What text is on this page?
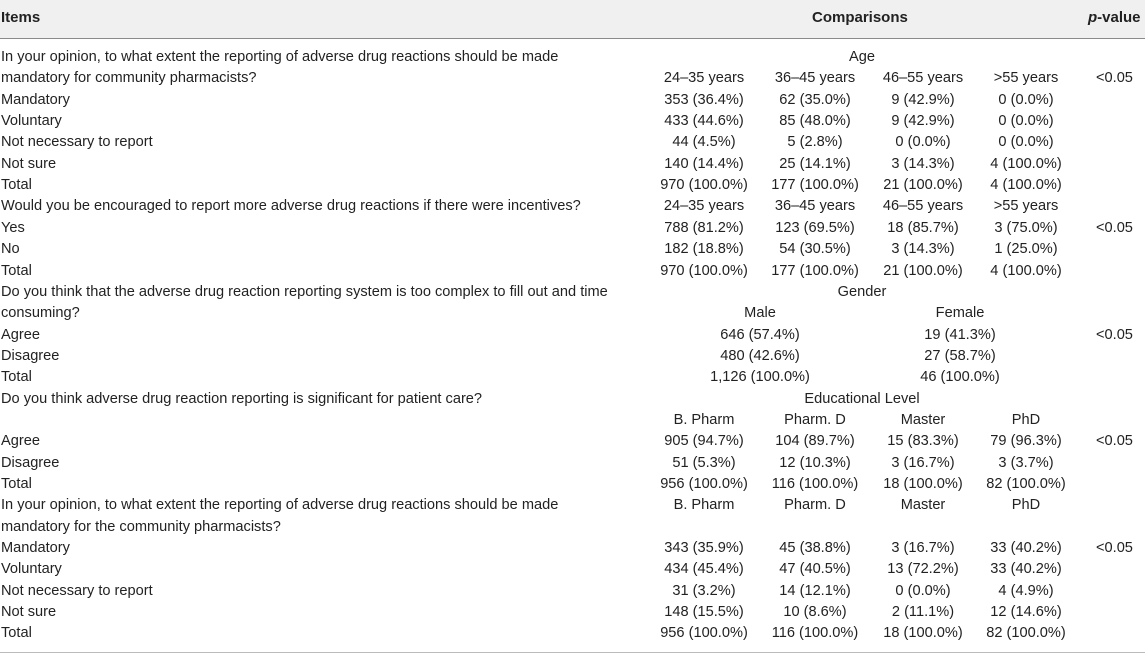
Items	Comparisons	p-value
In your opinion, to what extent the reporting of adverse drug reactions should be made	Age
mandatory for community pharmacists?	24–35 years 36–45 years 46–55 years >55 years	<0.05
Mandatory	353 (36.4%) 62 (35.0%)	9 (42.9%)	0 (0.0%)
Voluntary	433 (44.6%) 85 (48.0%)	9 (42.9%)	0 (0.0%)
Not necessary to report	44 (4.5%)	5 (2.8%)	0 (0.0%)	0 (0.0%)
Not sure	140 (14.4%) 25 (14.1%)	3 (14.3%) 4 (100.0%)
Total	970 (100.0%) 177 (100.0%) 21 (100.0%) 4 (100.0%)
Would you be encouraged to report more adverse drug reactions if there were incentives?	24–35 years 36–45 years 46–55 years >55 years
Yes	788 (81.2%) 123 (69.5%) 18 (85.7%) 3 (75.0%)	<0.05
No	182 (18.8%) 54 (30.5%)	3 (14.3%)	1 (25.0%)
Total	970 (100.0%) 177 (100.0%) 21 (100.0%) 4 (100.0%)
Do you think that the adverse drug reaction reporting system is too complex to fill out and time	Gender
consuming?	Male	Female
Agree	646 (57.4%)	19 (41.3%)	<0.05
Disagree	480 (42.6%)	27 (58.7%)
Total	1,126 (100.0%)	46 (100.0%)
Do you think adverse drug reaction reporting is significant for patient care?	Educational Level
B. Pharm	Pharm. D	Master	PhD
Agree	905 (94.7%) 104 (89.7%) 15 (83.3%) 79 (96.3%) <0.05
Disagree	51 (5.3%)	12 (10.3%)	3 (16.7%)	3 (3.7%)
Total	956 (100.0%) 116 (100.0%) 18 (100.0%) 82 (100.0%)
In your opinion, to what extent the reporting of adverse drug reactions should be made	B. Pharm	Pharm. D	Master	PhD
mandatory for the community pharmacists?
Mandatory	343 (35.9%) 45 (38.8%)	3 (16.7%) 33 (40.2%) <0.05
Voluntary	434 (45.4%) 47 (40.5%)	13 (72.2%) 33 (40.2%)
Not necessary to report	31 (3.2%)	14 (12.1%)	0 (0.0%)	4 (4.9%)
Not sure	148 (15.5%)	10 (8.6%)	2 (11.1%) 12 (14.6%)
Total	956 (100.0%) 116 (100.0%) 18 (100.0%) 82 (100.0%)
